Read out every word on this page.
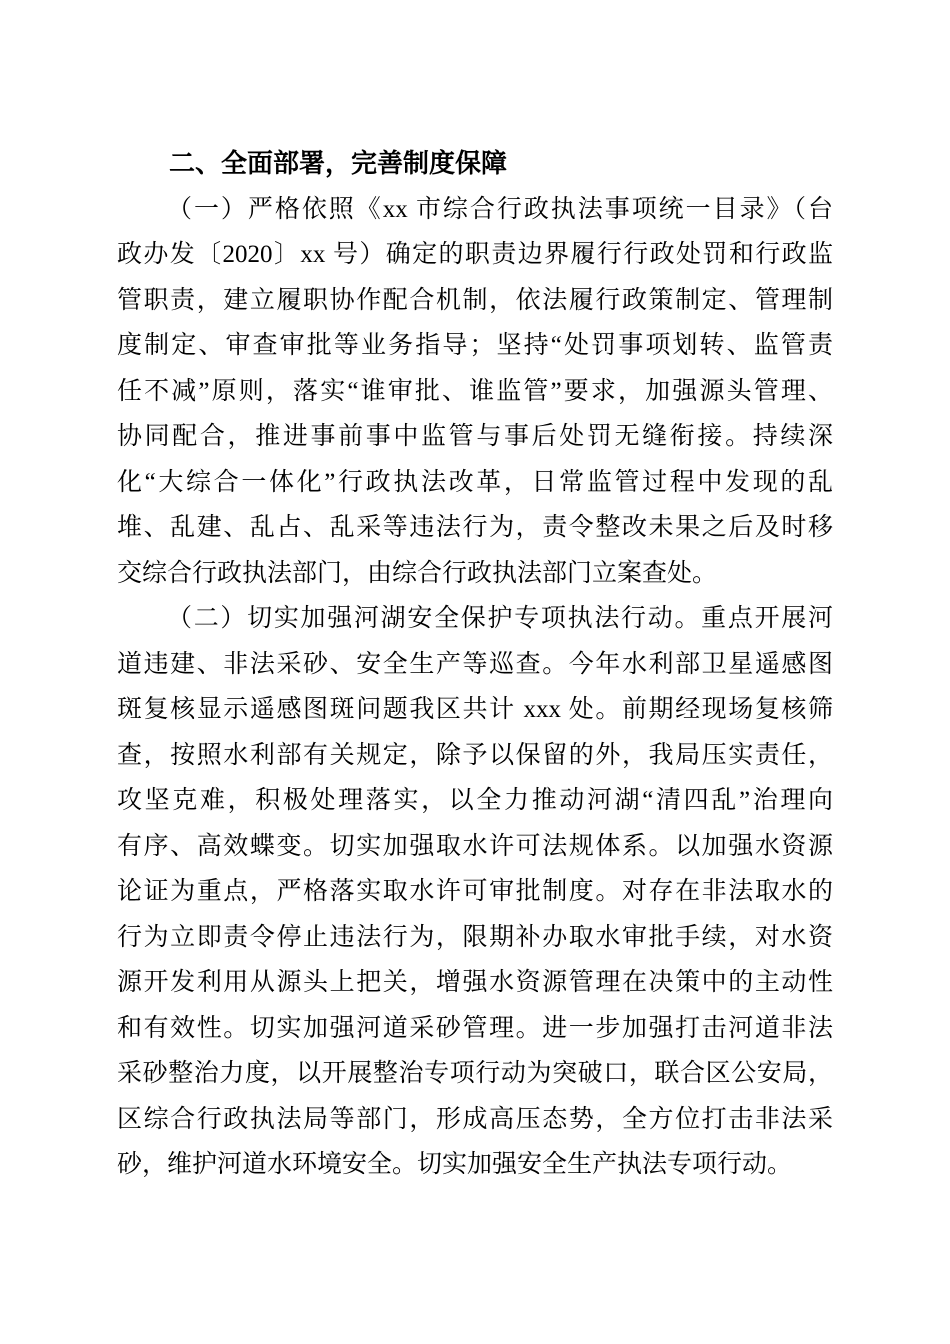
二、全面部署，完善制度保障
（一）严格依照《xx 市综合行政执法事项统一目录》（台
政办发〔2020〕xx 号）确定的职责边界履行行政处罚和行政监
管职责，建立履职协作配合机制，依法履行政策制定、管理制
度制定、审查审批等业务指导；坚持“处罚事项划转、监管责
任不减”原则，落实“谁审批、谁监管”要求，加强源头管理、
协同配合，推进事前事中监管与事后处罚无缝衔接。持续深
化“大综合一体化”行政执法改革，日常监管过程中发现的乱
堆、乱建、乱占、乱采等违法行为，责令整改未果之后及时移
交综合行政执法部门，由综合行政执法部门立案查处。
（二）切实加强河湖安全保护专项执法行动。重点开展河
道违建、非法采砂、安全生产等巡查。今年水利部卫星遥感图
斑复核显示遥感图斑问题我区共计 xxx 处。前期经现场复核筛
查，按照水利部有关规定，除予以保留的外，我局压实责任，
攻坚克难，积极处理落实，以全力推动河湖“清四乱”治理向
有序、高效蝶变。切实加强取水许可法规体系。以加强水资源
论证为重点，严格落实取水许可审批制度。对存在非法取水的
行为立即责令停止违法行为，限期补办取水审批手续，对水资
源开发利用从源头上把关，增强水资源管理在决策中的主动性
和有效性。切实加强河道采砂管理。进一步加强打击河道非法
采砂整治力度，以开展整治专项行动为突破口，联合区公安局，
区综合行政执法局等部门，形成高压态势，全方位打击非法采
砂，维护河道水环境安全。切实加强安全生产执法专项行动。
